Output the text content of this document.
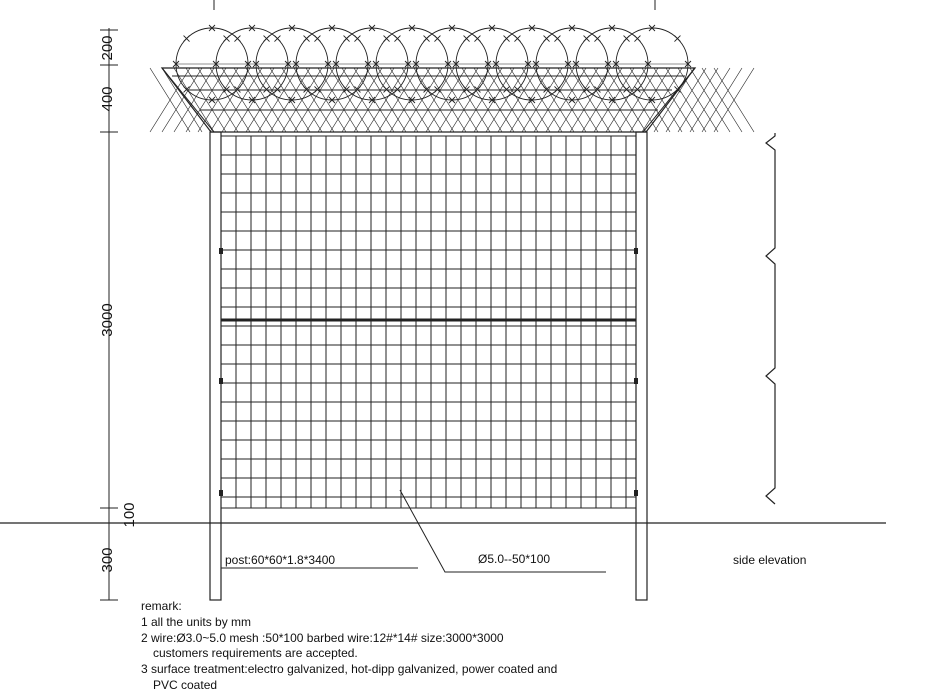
200
400
3000
100
300	post:60*60*1.8*3400	Ø5.0--50*100	side elevation
remark:
1 all the units by mm
2 wire:Ø3.0~5.0 mesh :50*100 barbed wire:12#*14# size:3000*3000
customers requirements are accepted.
3 surface treatment:electro galvanized, hot-dipp galvanized, power coated and
PVC coated
